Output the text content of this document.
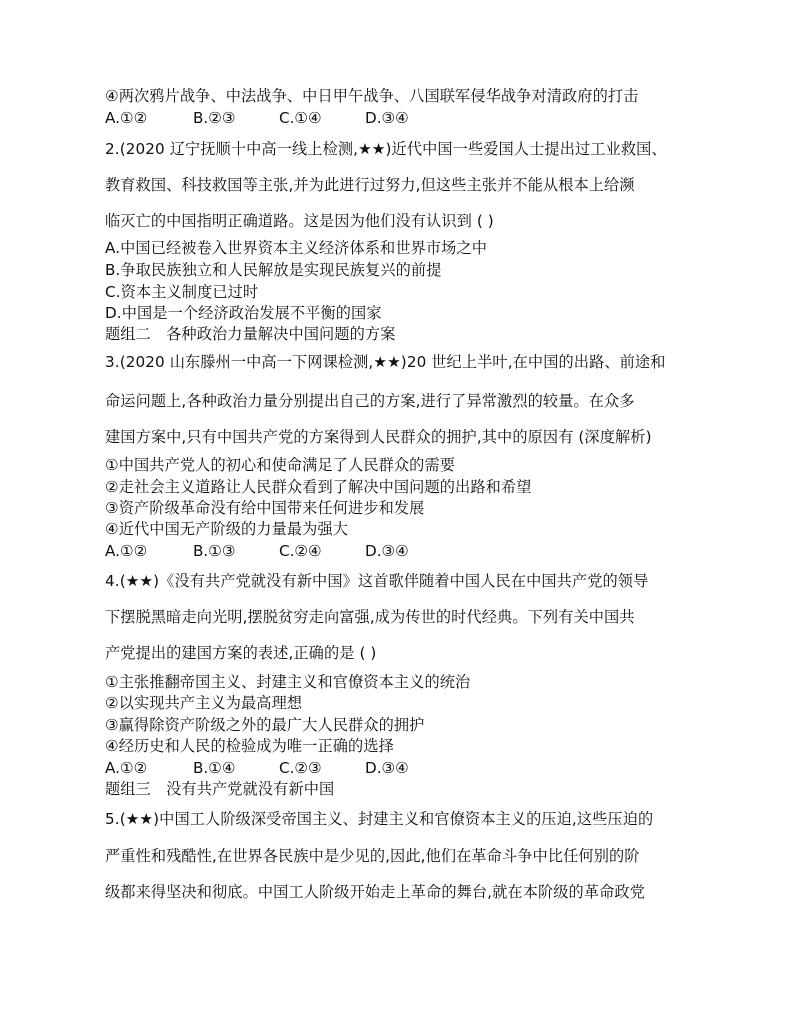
④两次鸦片战争、中法战争、中日甲午战争、八国联军侵华战争对清政府的打击
A.①②	B.②③	C.①④	D.③④
2.(2020 辽宁抚顺十中高一线上检测,★★)近代中国一些爱国人士提出过工业救国、
教育救国、科技救国等主张,并为此进行过努力,但这些主张并不能从根本上给濒
临灭亡的中国指明正确道路。这是因为他们没有认识到 ( )
A.中国已经被卷入世界资本主义经济体系和世界市场之中
B.争取民族独立和人民解放是实现民族复兴的前提
C.资本主义制度已过时
D.中国是一个经济政治发展不平衡的国家
题组二　各种政治力量解决中国问题的方案
3.(2020 山东滕州一中高一下网课检测,★★)20 世纪上半叶,在中国的出路、前途和
命运问题上,各种政治力量分别提出自己的方案,进行了异常激烈的较量。在众多
建国方案中,只有中国共产党的方案得到人民群众的拥护,其中的原因有 (深度解析)
①中国共产党人的初心和使命满足了人民群众的需要
②走社会主义道路让人民群众看到了解决中国问题的出路和希望
③资产阶级革命没有给中国带来任何进步和发展
④近代中国无产阶级的力量最为强大
A.①②	B.①③	C.②④	D.③④
4.(★★)《没有共产党就没有新中国》这首歌伴随着中国人民在中国共产党的领导
下摆脱黑暗走向光明,摆脱贫穷走向富强,成为传世的时代经典。下列有关中国共
产党提出的建国方案的表述,正确的是 ( )
①主张推翻帝国主义、封建主义和官僚资本主义的统治
②以实现共产主义为最高理想
③赢得除资产阶级之外的最广大人民群众的拥护
④经历史和人民的检验成为唯一正确的选择
A.①②	B.①④	C.②③	D.③④
题组三　没有共产党就没有新中国
5.(★★)中国工人阶级深受帝国主义、封建主义和官僚资本主义的压迫,这些压迫的
严重性和残酷性,在世界各民族中是少见的,因此,他们在革命斗争中比任何别的阶
级都来得坚决和彻底。中国工人阶级开始走上革命的舞台,就在本阶级的革命政党
